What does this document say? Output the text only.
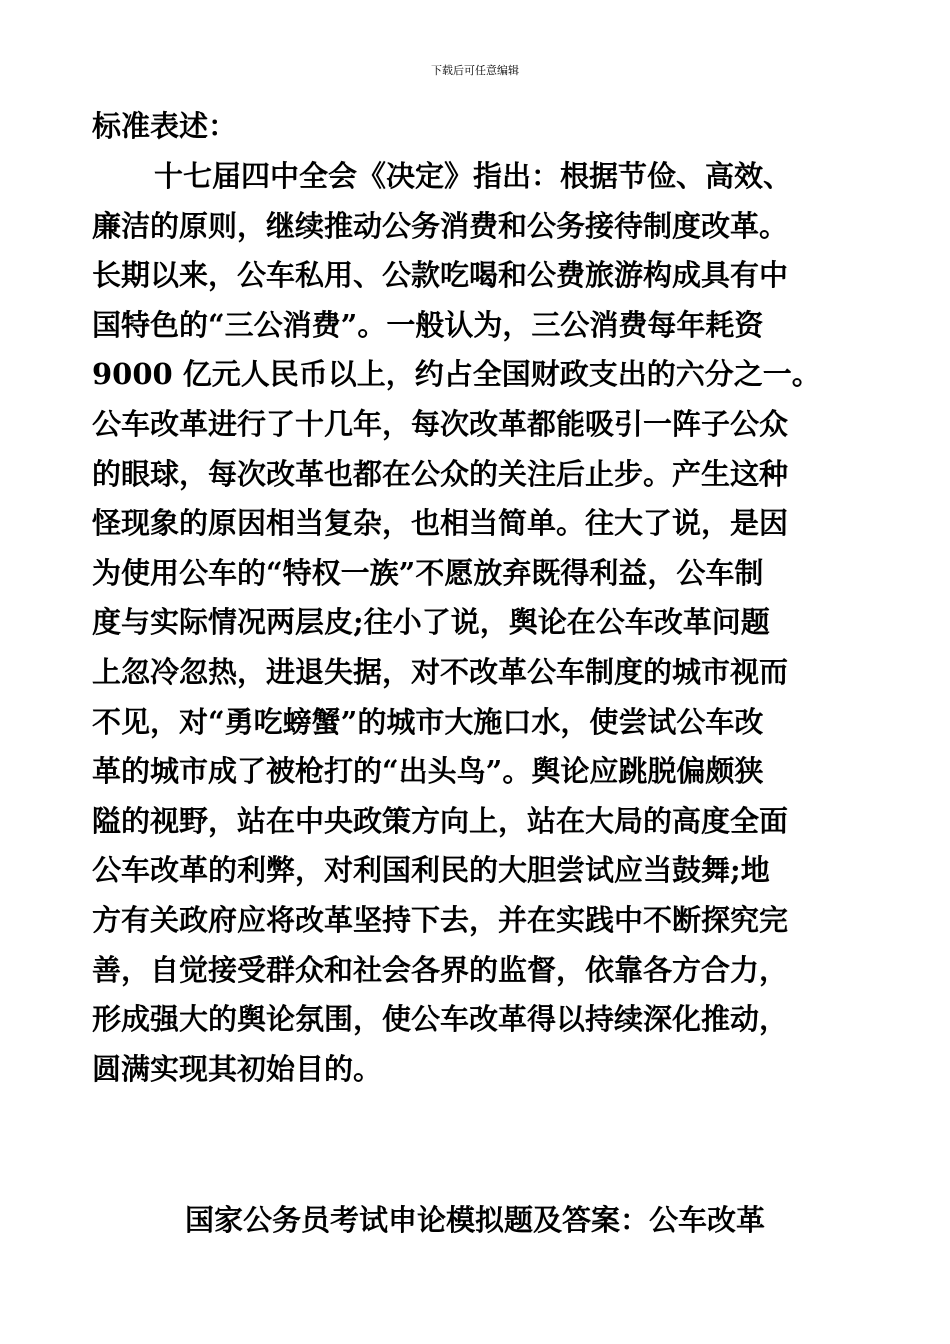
下载后可任意编辑
标准表述：
十七届四中全会《决定》指出：根据节俭、高效、
廉洁的原则，继续推动公务消费和公务接待制度改革。
长期以来，公车私用、公款吃喝和公费旅游构成具有中
国特色的“三公消费”。一般认为，三公消费每年耗资
9000 亿元人民币以上，约占全国财政支出的六分之一。
公车改革进行了十几年，每次改革都能吸引一阵子公众
的眼球，每次改革也都在公众的关注后止步。产生这种
怪现象的原因相当复杂，也相当简单。往大了说，是因
为使用公车的“特权一族”不愿放弃既得利益，公车制
度与实际情况两层皮;往小了说，舆论在公车改革问题
上忽冷忽热，进退失据，对不改革公车制度的城市视而
不见，对“勇吃螃蟹”的城市大施口水，使尝试公车改
革的城市成了被枪打的“出头鸟”。舆论应跳脱偏颇狭
隘的视野，站在中央政策方向上，站在大局的高度全面
公车改革的利弊，对利国利民的大胆尝试应当鼓舞;地
方有关政府应将改革坚持下去，并在实践中不断探究完
善，自觉接受群众和社会各界的监督，依靠各方合力，
形成强大的舆论氛围，使公车改革得以持续深化推动，
圆满实现其初始目的。
国家公务员考试申论模拟题及答案：公车改革
